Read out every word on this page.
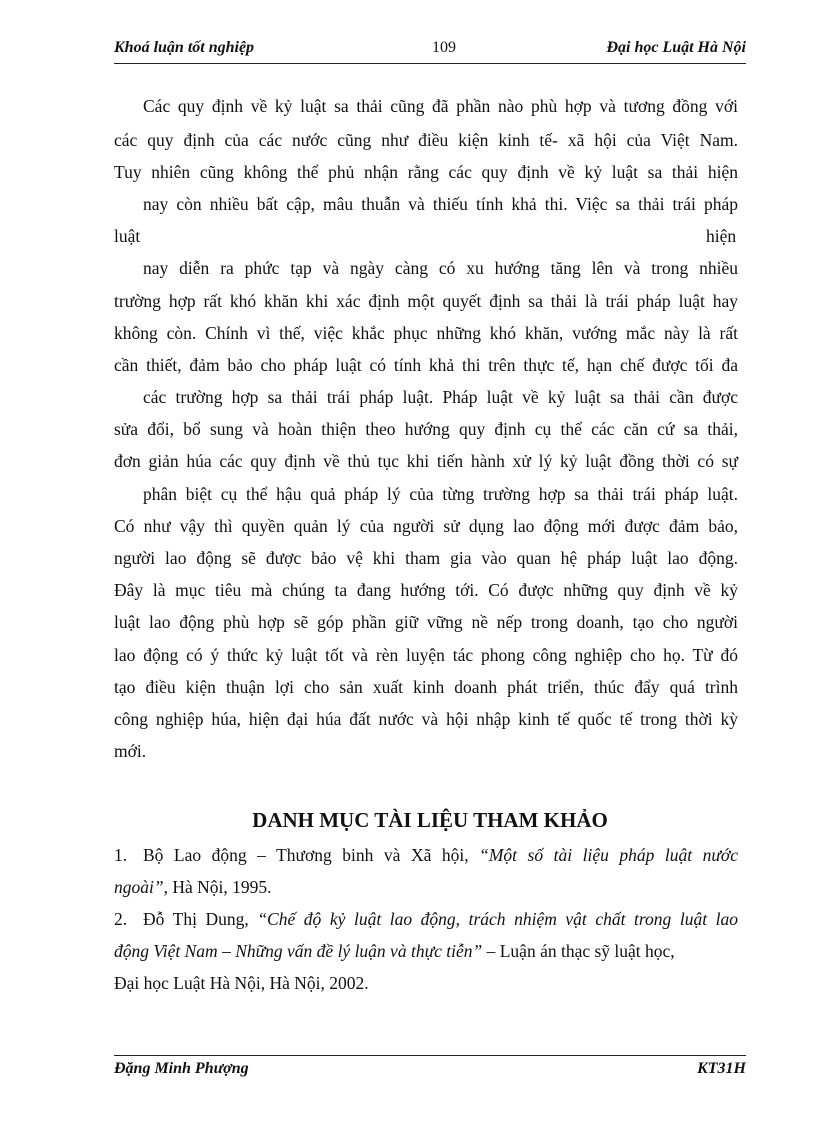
Khoá luận tốt nghiệp	109	Đại học Luật Hà Nội
Các quy định về kỷ luật sa thải cũng đã phần nào phù hợp và tương đồng với
các quy định của các nước cũng như điều kiện kinh tế- xã hội của Việt Nam.
Tuy nhiên cũng không thể phủ nhận rằng các quy định về kỷ luật sa thải hiện
nay còn nhiều bất cập, mâu thuẫn và thiếu tính khả thi. Việc sa thải trái pháp
luật	hiện
nay diễn ra phức tạp và ngày càng có xu hướng tăng lên và trong nhiều
trường hợp rất khó khăn khi xác định một quyết định sa thải là trái pháp luật hay
không còn. Chính vì thế, việc khắc phục những khó khăn, vướng mắc này là rất
cần thiết, đảm bảo cho pháp luật có tính khả thi trên thực tế, hạn chế được tối đa
các trường hợp sa thải trái pháp luật. Pháp luật về kỷ luật sa thải cần được
sửa đổi, bổ sung và hoàn thiện theo hướng quy định cụ thể các căn cứ sa thải,
đơn giản húa các quy định về thủ tục khi tiến hành xử lý kỷ luật đồng thời có sự
phân biệt cụ thể hậu quả pháp lý của từng trường hợp sa thải trái pháp luật.
Có như vậy thì quyền quản lý của người sử dụng lao động mới được đảm bảo,
người lao động sẽ được bảo vệ khi tham gia vào quan hệ pháp luật lao động.
Đây là mục tiêu mà chúng ta đang hướng tới. Có được những quy định về kỷ
luật lao động phù hợp sẽ góp phần giữ vững nề nếp trong doanh, tạo cho người
lao động có ý thức kỷ luật tốt và rèn luyện tác phong công nghiệp cho họ. Từ đó
tạo điều kiện thuận lợi cho sản xuất kinh doanh phát triển, thúc đẩy quá trình
công nghiệp húa, hiện đại húa đất nước và hội nhập kinh tế quốc tế trong thời kỳ
mới.
DANH MỤC TÀI LIỆU THAM KHẢO
1. Bộ Lao động – Thương binh và Xã hội, “Một số tài liệu pháp luật nước
ngoài”, Hà Nội, 1995.
2. Đỗ Thị Dung, “Chế độ kỷ luật lao động, trách nhiệm vật chất trong luật lao
động Việt Nam – Những vấn đề lý luận và thực tiễn” – Luận án thạc sỹ luật học,
Đại học Luật Hà Nội, Hà Nội, 2002.
Đặng Minh Phượng	KT31H
